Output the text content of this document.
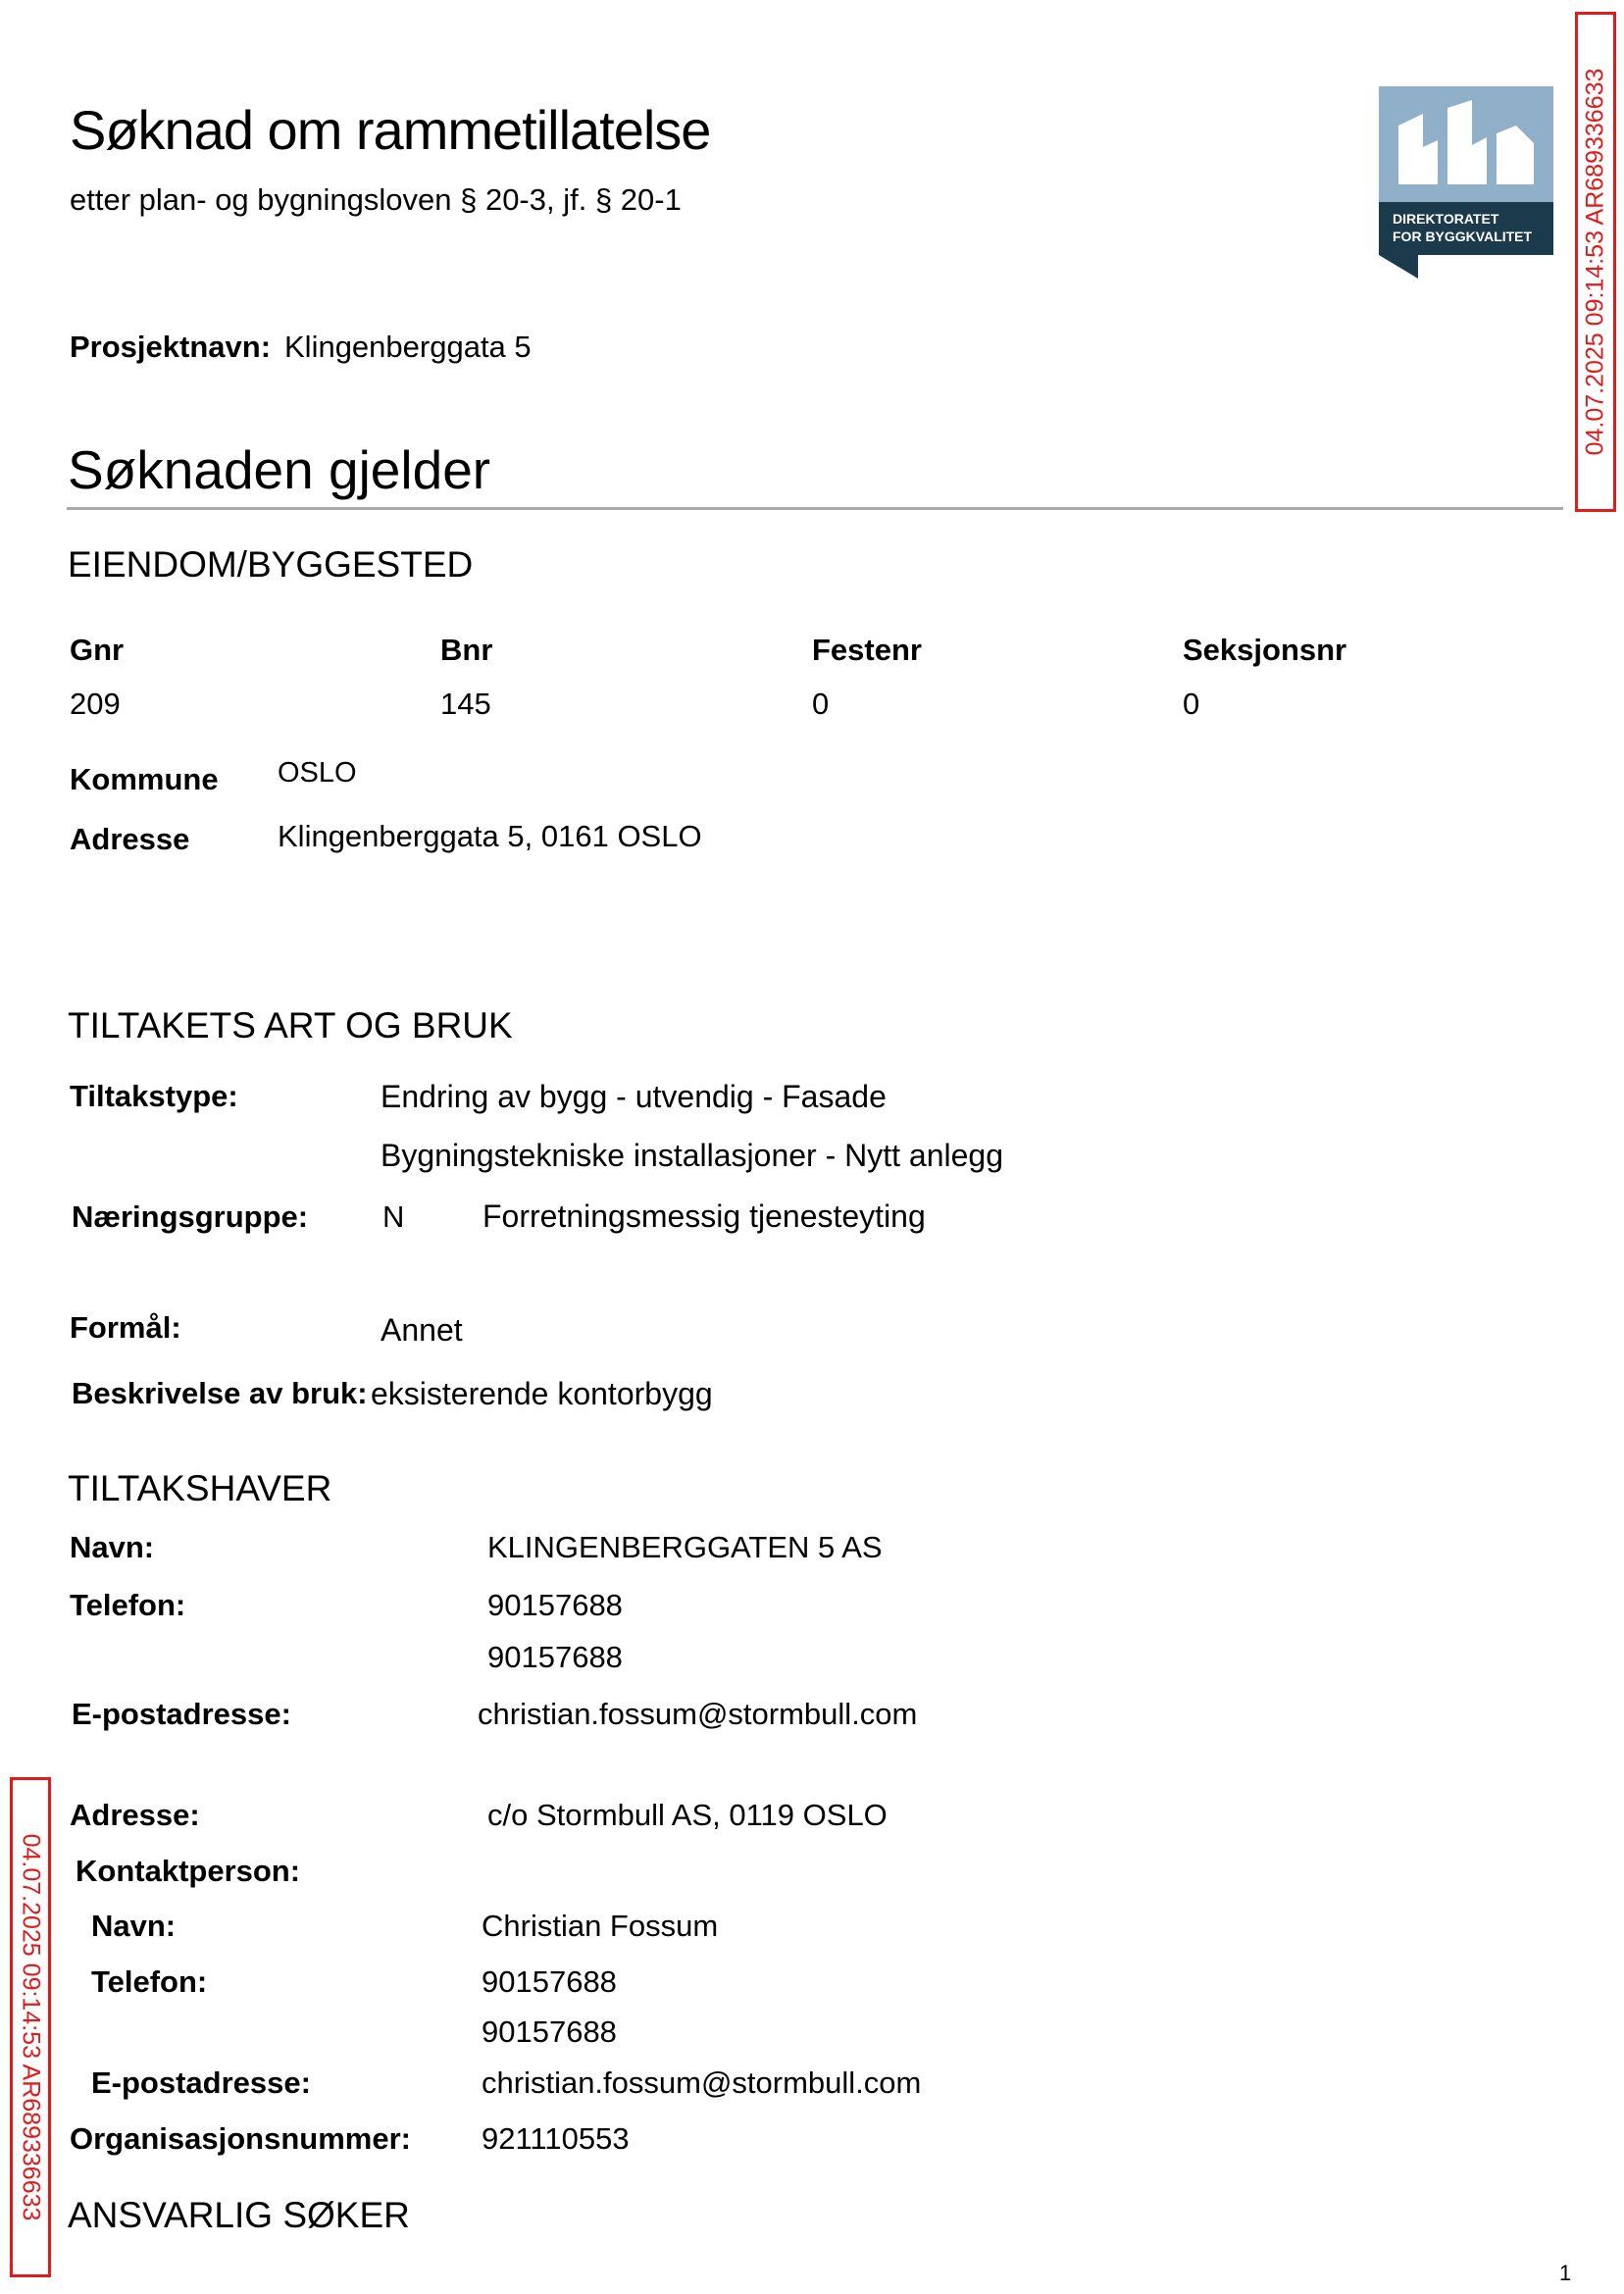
Søknad om rammetillatelse
etter plan- og bygningsloven § 20-3, jf. § 20-1
DIREKTORATET
FOR BYGGKVALITET 04.07.2025 09:14:53 AR689336633
04.07.2025 09:14:53 AR689336633
Prosjektnavn: Klingenberggata 5
Søknaden gjelder
EIENDOM/BYGGESTED
Gnr	Bnr	Festenr	Seksjonsnr
209	145	0	0
Kommune OSLO
Adresse	Klingenberggata 5, 0161 OSLO
TILTAKETS ART OG BRUK
Tiltakstype:	Endring av bygg - utvendig - Fasade
Bygningstekniske installasjoner - Nytt anlegg
Næringsgruppe: N Forretningsmessig tjenesteyting
Formål:	Annet
Beskrivelse av bruk: eksisterende kontorbygg
TILTAKSHAVER
Navn:	KLINGENBERGGATEN 5 AS
Telefon:	90157688
90157688
E-postadresse:	christian.fossum@stormbull.com
Adresse:	c/o Stormbull AS, 0119 OSLO
Kontaktperson:
Navn:	Christian Fossum
Telefon:	90157688
90157688
E-postadresse:	christian.fossum@stormbull.com
Organisasjonsnummer: 921110553
ANSVARLIG SØKER
1
